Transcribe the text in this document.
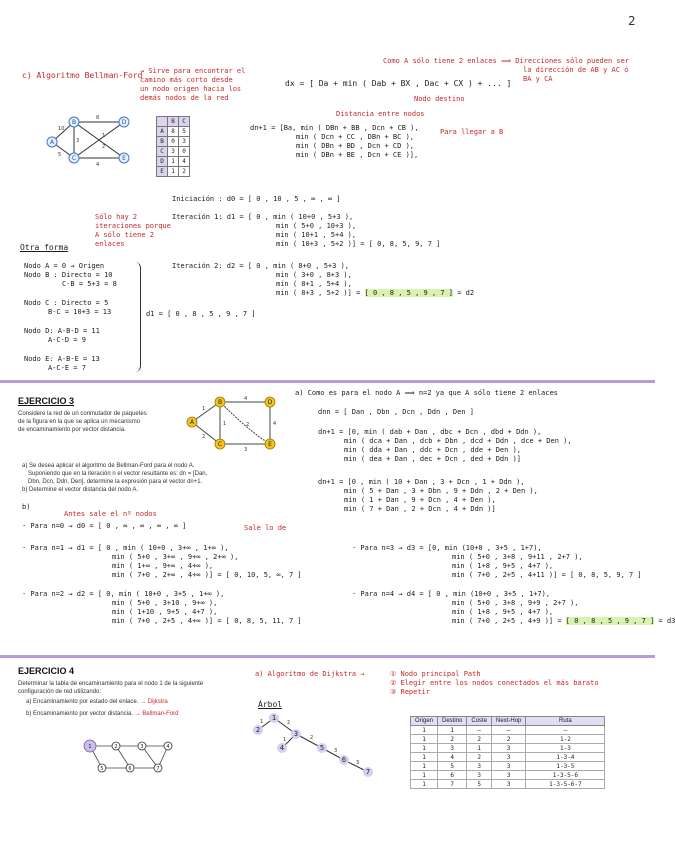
2
c) Algoritmo Bellman-Ford
→ Sirve para encontrar el
camino más corto desde
un nodo origen hacia los
demás nodos de la red
Como A sólo tiene 2 enlaces ⟹ Direcciones sólo pueden ser
la dirección de AB y AC ó
BA y CA
dx = [ Da + min ( Dab + BX , Dac + CX ) + ... ]
Nodo destino
Distancia entre nodos
Para llegar a B
dn+1 = [Ba, min ( DBn + BB , Dcn + CB ),
min ( Dcn + CC , DBn + BC ),
min ( DBn + BD , Dcn + CD ),
min ( DBn + BE , Dcn + CE )],
A
B
C
D
E
10
8
5
4
3
1
2
	B	C
A	8	5
B	0	3
C	3	0
D	1	4
E	1	2
Iniciación : d0 = [ 0 , 10 , 5 , ∞ , ∞ ]
Sólo hay 2
iteraciones porque
A sólo tiene 2
enlaces
Iteración 1: d1 = [ 0 , min ( 10+0 , 5+3 ),
min ( 5+0 , 10+3 ),
min ( 10+1 , 5+4 ),
min ( 10+3 , 5+2 )] = [ 0, 8, 5, 9, 7 ]
Otra forma
Nodo A = 0 → Origen
Nodo B : Directo = 10
C-B = 5+3 = 8
Nodo C : Directo = 5
B-C = 10+3 = 13
Nodo D: A-B-D = 11
A-C-D = 9
Nodo E: A-B-E = 13
A-C-E = 7
d1 = [ 0 , 8 , 5 , 9 , 7 ]
Iteración 2: d2 = [ 0 , min ( 8+0 , 5+3 ),
min ( 3+0 , 8+3 ),
min ( 8+1 , 5+4 ),
min ( 8+3 , 5+2 )] = [ 0 , 8 , 5 , 9 , 7 ] = d2
EJERCICIO 3
Considere la red de un conmutador de paquetes
de la figura en la que se aplica un mecanismo
de encaminamiento por vector distancia.
B
A
C
D
E
1
4
2
3
1	4
2
a) Se desea aplicar el algoritmo de Bellman-Ford para el nodo A.
Suponiendo que en la iteración n el vector resultante es: dn = [Dan,
Dbn, Dcn, Ddn, Den], determine la expresión para el vector dn+1.
b) Determine el vector distancia del nodo A.
a) Como es para el nodo A ⟹ n=2 ya que A sólo tiene 2 enlaces
dnn = [ Dan , Dbn , Dcn , Ddn , Den ]
dn+1 = [0, min ( dab + Dan , dbc + Dcn , dbd + Ddn ),
min ( dca + Dan , dcb + Dbn , dcd + Ddn , dce + Den ),
min ( dda + Dan , ddc + Dcn , dde + Den ),
min ( dea + Dan , dec + Dcn , ded + Ddn )]
dn+1 = [0 , min ( 10 + Dan , 3 + Dcn , 1 + Ddn ),
min ( 5 + Dan , 3 + Dbn , 9 + Ddn , 2 + Den ),
min ( 1 + Dan , 9 + Dcn , 4 + Den ),
min ( 7 + Dan , 2 + Dcn , 4 + Ddn )]
b)
Antes sale el nº nodos
Sale lo de
· Para n=0 → d0 = [ 0 , ∞ , ∞ , ∞ , ∞ ]
· Para n=1 → d1 = [ 0 , min ( 10+0 , 3+∞ , 1+∞ ),
min ( 5+0 , 3+∞ , 9+∞ , 2+∞ ),
min ( 1+∞ , 9+∞ , 4+∞ ),
min ( 7+0 , 2+∞ , 4+∞ )] = [ 0, 10, 5, ∞, 7 ]
· Para n=2 → d2 = [ 0, min ( 10+0 , 3+5 , 1+∞ ),
min ( 5+0 , 3+10 , 9+∞ ),
min ( 1+10 , 9+5 , 4+7 ),
min ( 7+0 , 2+5 , 4+∞ )] = [ 0, 8, 5, 11, 7 ]
· Para n=3 → d3 = [0, min (10+0 , 3+5 , 1+7),
min ( 5+0 , 3+8 , 9+11 , 2+7 ),
min ( 1+8 , 9+5 , 4+7 ),
min ( 7+0 , 2+5 , 4+11 )] = [ 0, 8, 5, 9, 7 ]
· Para n=4 → d4 = [ 0 , min (10+0 , 3+5 , 1+7),
min ( 5+0 , 3+8 , 9+9 , 2+7 ),
min ( 1+8 , 9+5 , 4+7 ),
min ( 7+0 , 2+5 , 4+9 )] = [ 0 , 8 , 5 , 9 , 7 ] = d3
EJERCICIO 4
Determinar la tabla de encaminamiento para el nodo 1 de la siguiente
configuración de red utilizando:
a) Encaminamiento por estado del enlace. → Dijkstra
b) Encaminamiento por vector distancia. → Bellman-Ford
1	2	3	4
5	6	7
a) Algoritmo de Dijkstra →	① Nodo principal Path
② Elegir entre los nodos conectados el más barato
③ Repetir
Árbol
1
2	3
4	5
6
7
1	2
1	2
3
3
Origen	Destino	Coste	Next-Hop	Ruta
1	1	—	—	—
1	2	2	2	1-2
1	3	1	3	1-3
1	4	2	3	1-3-4
1	5	3	3	1-3-5
1	6	3	3	1-3-5-6
1	7	5	3	1-3-5-6-7
